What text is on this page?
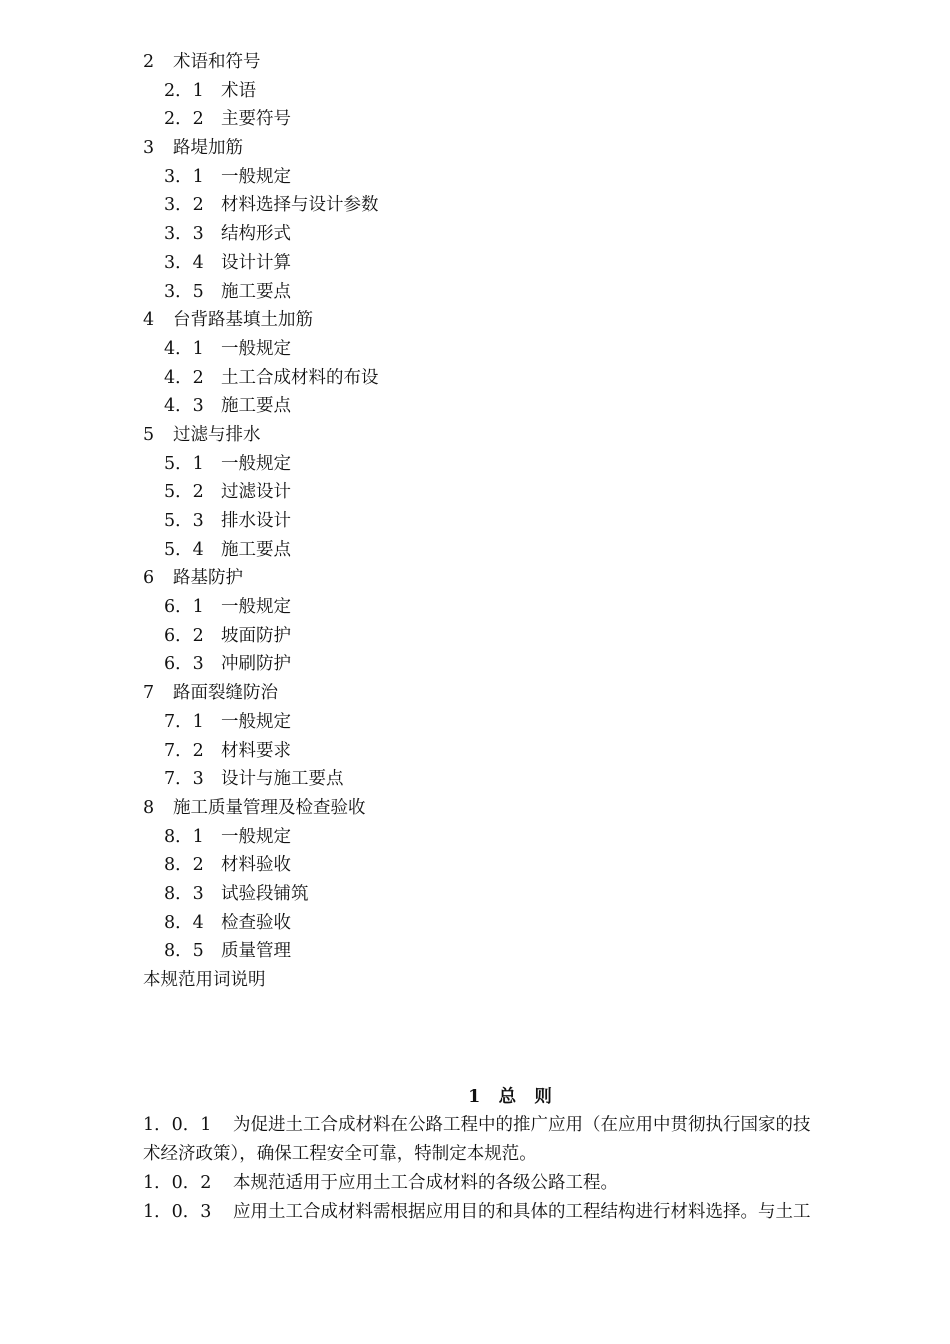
2 术语和符号
2．1 术语
2．2 主要符号
3 路堤加筋
3．1 一般规定
3．2 材料选择与设计参数
3．3 结构形式
3．4 设计计算
3．5 施工要点
4 台背路基填土加筋
4．1 一般规定
4．2 土工合成材料的布设
4．3 施工要点
5 过滤与排水
5．1 一般规定
5．2 过滤设计
5．3 排水设计
5．4 施工要点
6 路基防护
6．1 一般规定
6．2 坡面防护
6．3 冲刷防护
7 路面裂缝防治
7．1 一般规定
7．2 材料要求
7．3 设计与施工要点
8 施工质量管理及检查验收
8．1 一般规定
8．2 材料验收
8．3 试验段铺筑
8．4 检查验收
8．5 质量管理
本规范用词说明
1   总   则
1．0．1 为促进土工合成材料在公路工程中的推广应用（在应用中贯彻执行国家的技
术经济政策），确保工程安全可靠，特制定本规范。
1．0．2 本规范适用于应用土工合成材料的各级公路工程。
1．0．3 应用土工合成材料需根据应用目的和具体的工程结构进行材料选择。与土工
